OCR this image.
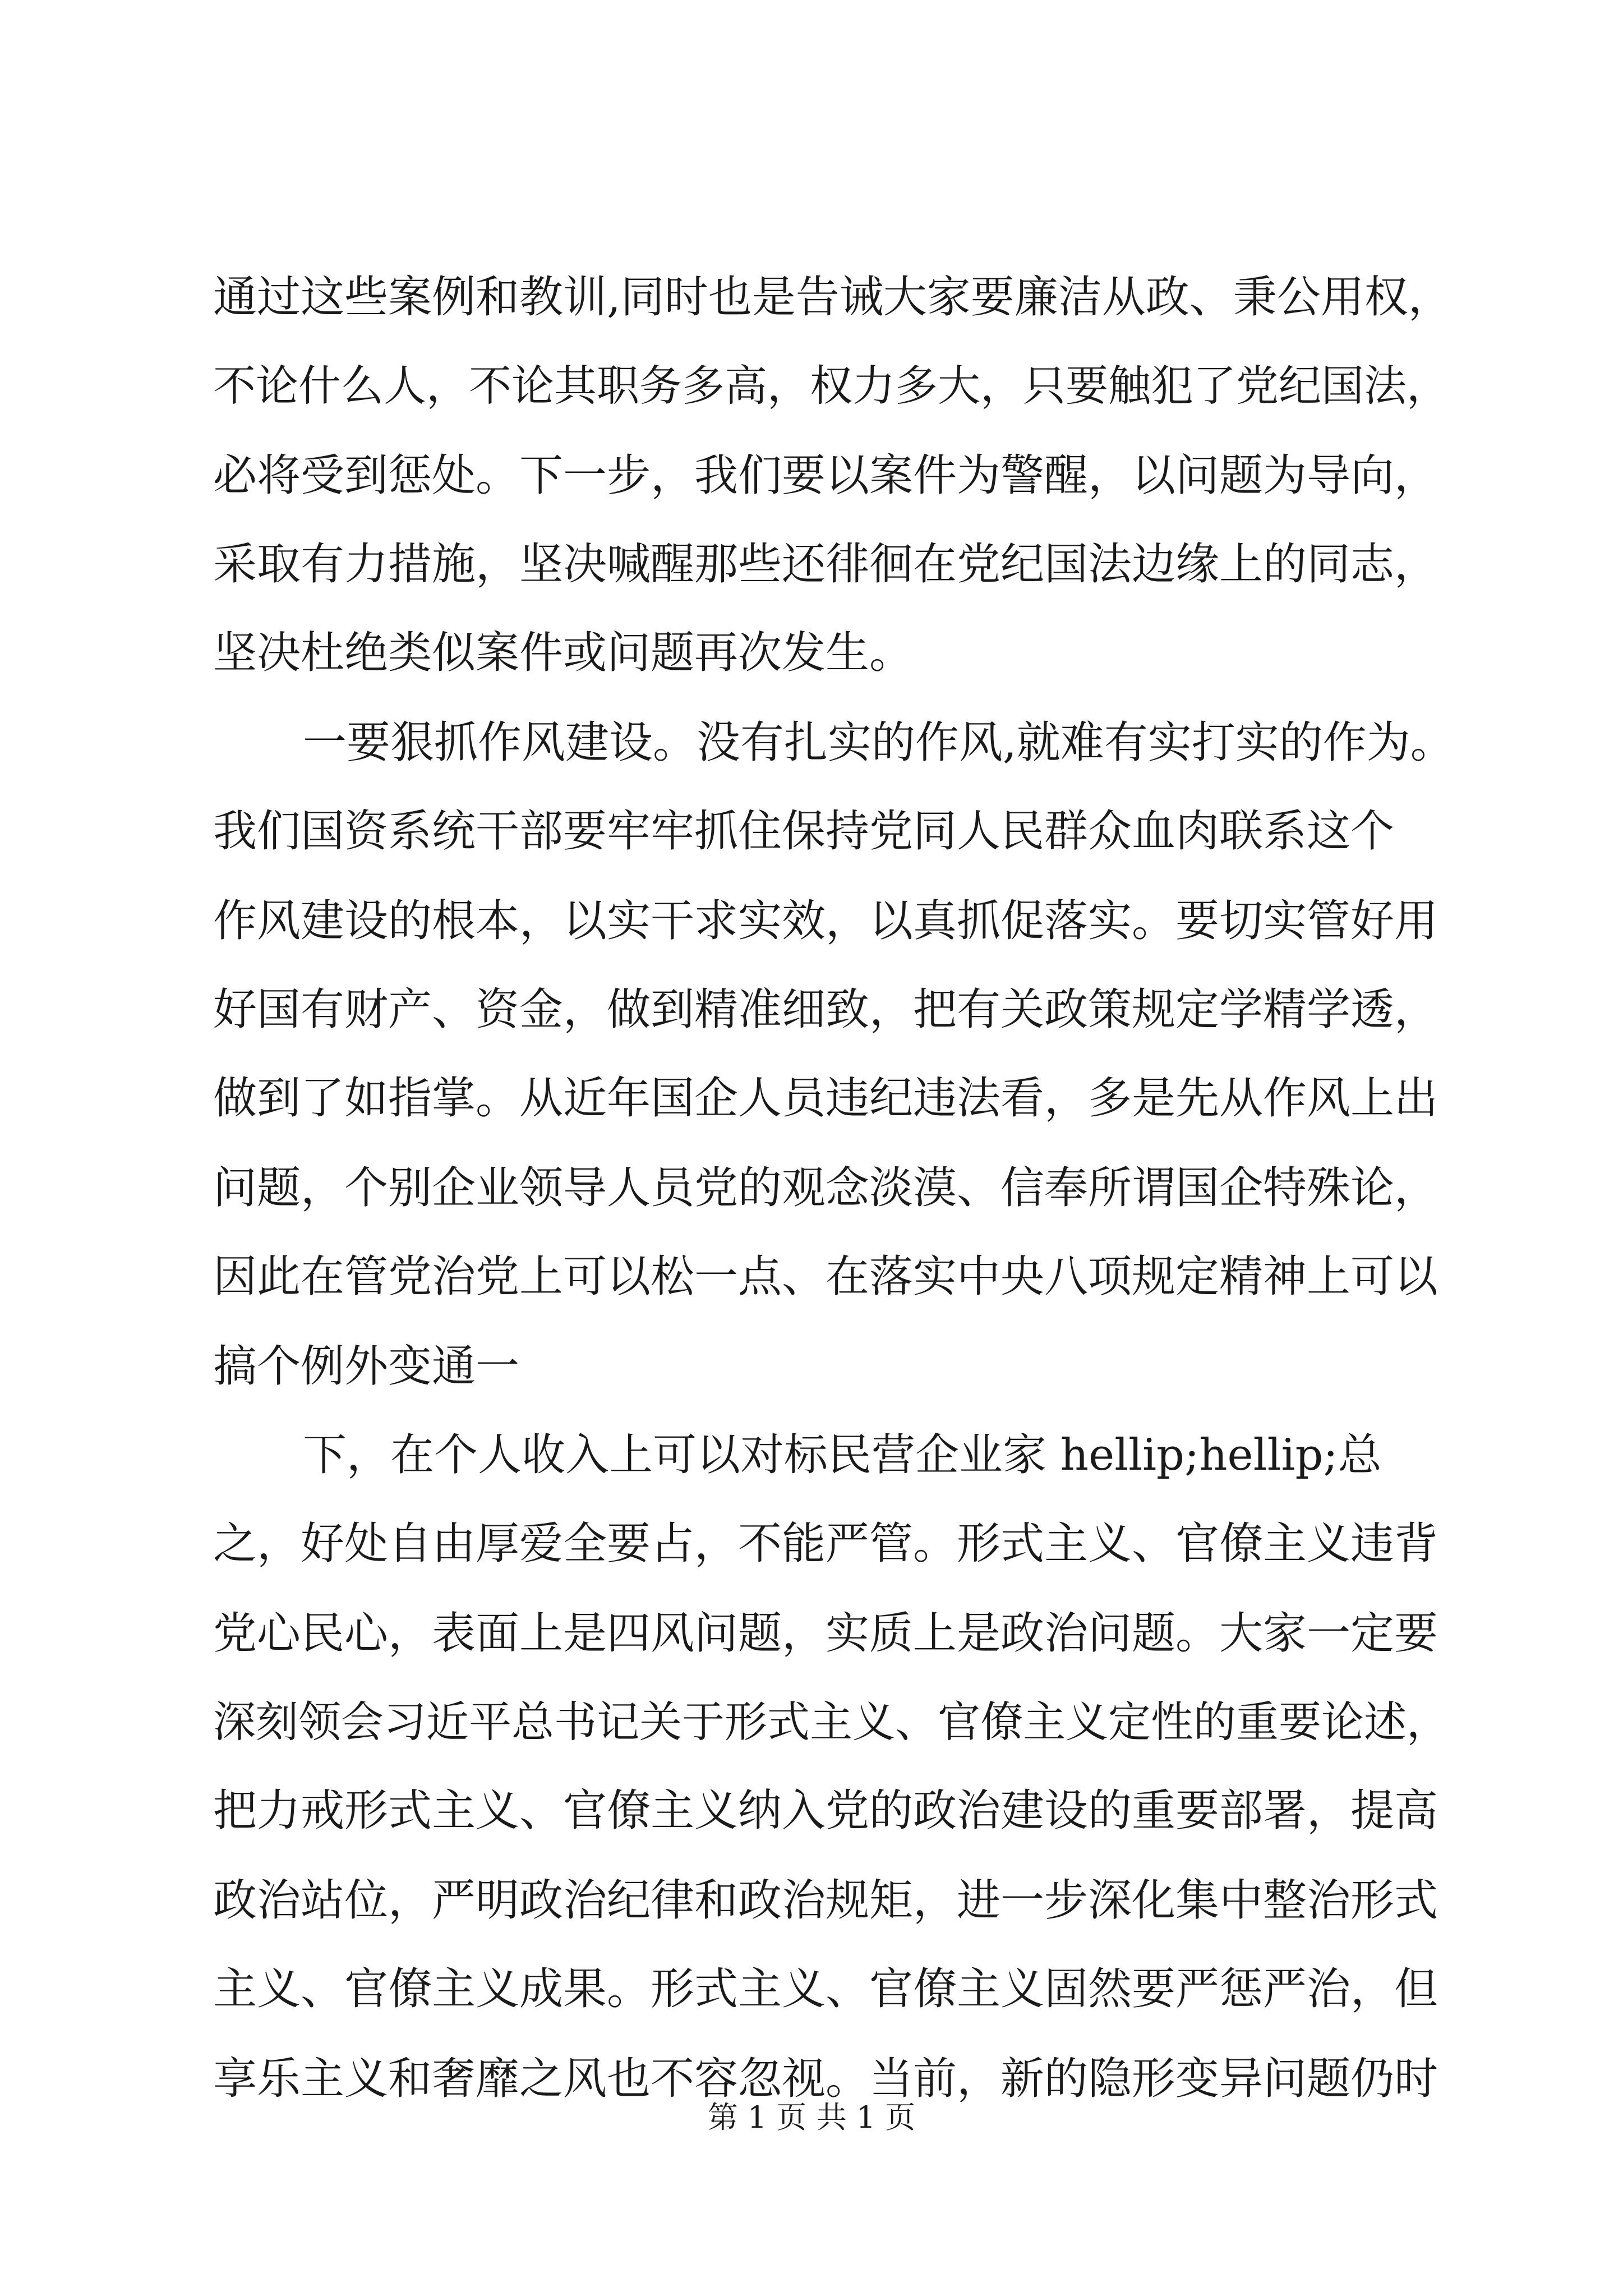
通过这些案例和教训,同时也是告诫大家要廉洁从政、秉公用权，
不论什么人，不论其职务多高，权力多大，只要触犯了党纪国法，
必将受到惩处。下一步，我们要以案件为警醒，以问题为导向，
采取有力措施，坚决喊醒那些还徘徊在党纪国法边缘上的同志，
坚决杜绝类似案件或问题再次发生。
一要狠抓作风建设。没有扎实的作风,就难有实打实的作为。
我们国资系统干部要牢牢抓住保持党同人民群众血肉联系这个
作风建设的根本，以实干求实效，以真抓促落实。要切实管好用
好国有财产、资金，做到精准细致，把有关政策规定学精学透，
做到了如指掌。从近年国企人员违纪违法看，多是先从作风上出
问题，个别企业领导人员党的观念淡漠、信奉所谓国企特殊论，
因此在管党治党上可以松一点、在落实中央八项规定精神上可以
搞个例外变通一
下，在个人收入上可以对标民营企业家 hellip;hellip;总
之，好处自由厚爱全要占，不能严管。形式主义、官僚主义违背
党心民心，表面上是四风问题，实质上是政治问题。大家一定要
深刻领会习近平总书记关于形式主义、官僚主义定性的重要论述，
把力戒形式主义、官僚主义纳入党的政治建设的重要部署，提高
政治站位，严明政治纪律和政治规矩，进一步深化集中整治形式
主义、官僚主义成果。形式主义、官僚主义固然要严惩严治，但
享乐主义和奢靡之风也不容忽视。当前，新的隐形变异问题仍时
第 1 页 共 1 页
